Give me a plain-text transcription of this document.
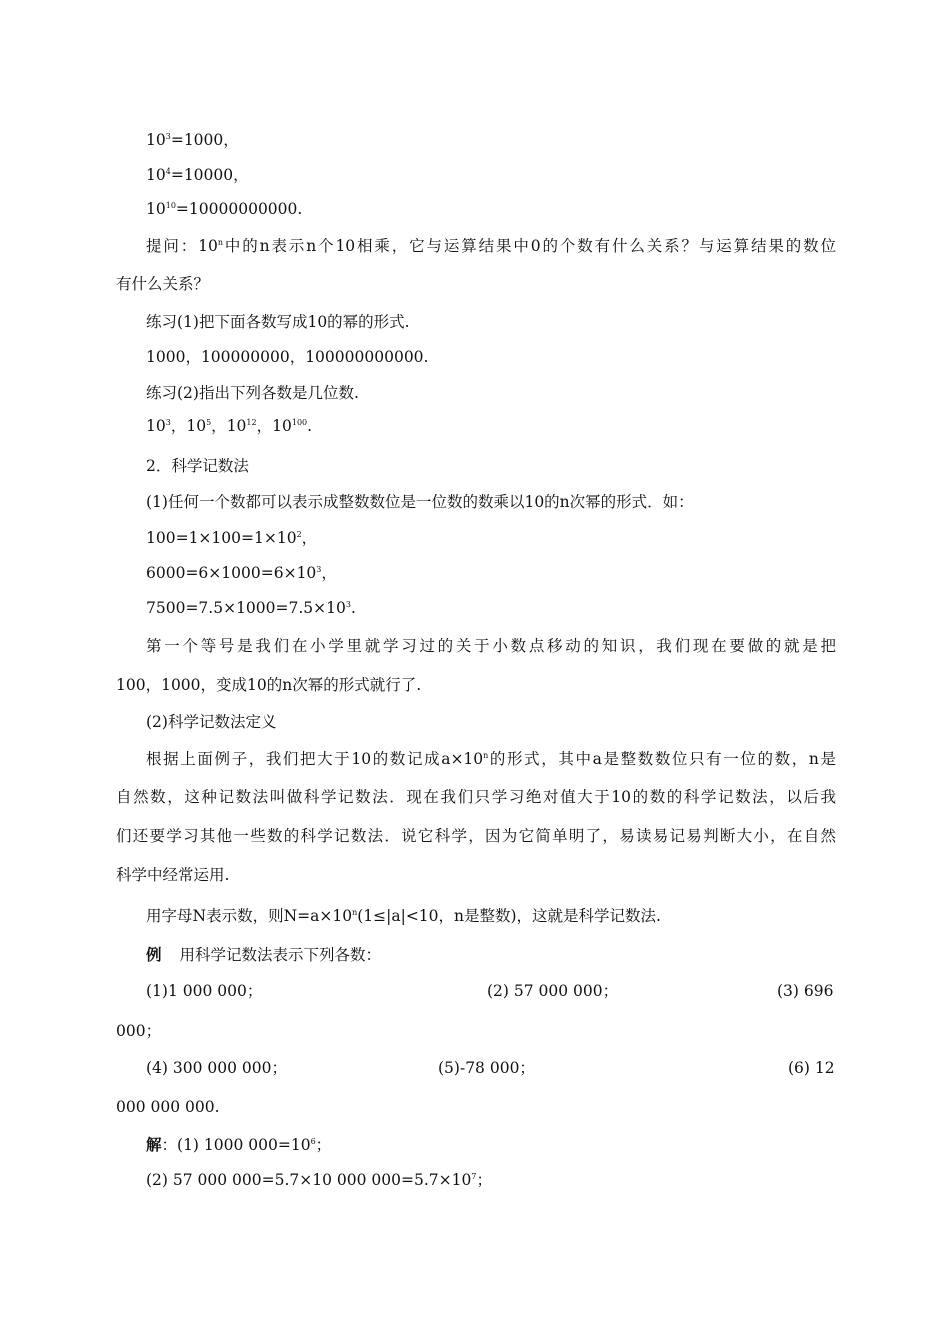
$10^3=1000$，
$10^4=10000$，
$10^{10}=10000000000$.
提问：10$^n$中的n表示n个10相乘，它与运算结果中0的个数有什么关系？与运算结果的数位
有什么关系？
练习(1)把下面各数写成10的幂的形式.
1000，100000000，100000000000.
练习(2)指出下列各数是几位数.
$10^3$，$10^5$，$10^{12}$，$10^{100}$.
2．科学记数法
(1)任何一个数都可以表示成整数数位是一位数的数乘以10的n次幂的形式．如：
$100=1\times 100=1\times 10^2$，
$6000=6\times 1000=6\times 10^3$，
$7500=7.5\times 1000=7.5\times 10^3$.
第一个等号是我们在小学里就学习过的关于小数点移动的知识，我们现在要做的就是把
100，1000，变成10的n次幂的形式就行了.
(2)科学记数法定义
根据上面例子，我们把大于10的数记成$a\times 10^n$的形式，其中a是整数数位只有一位的数，n是
自然数，这种记数法叫做科学记数法．现在我们只学习绝对值大于10的数的科学记数法，以后我
们还要学习其他一些数的科学记数法．说它科学，因为它简单明了，易读易记易判断大小，在自然
科学中经常运用.
用字母N表示数，则$N=a\times 10^n(1\le|a|<10$，n是整数)，这就是科学记数法.
例 用科学记数法表示下列各数：
(1)1 000 000；	(2) 57 000 000；	(3) 696
000；
(4) 300 000 000；	(5)-78 000；	(6) 12
000 000 000.
解：(1) 1000 $000=10^6$；
(2) 57 000 000=5.7×10 000 $000=5.7\times 10^7$；
